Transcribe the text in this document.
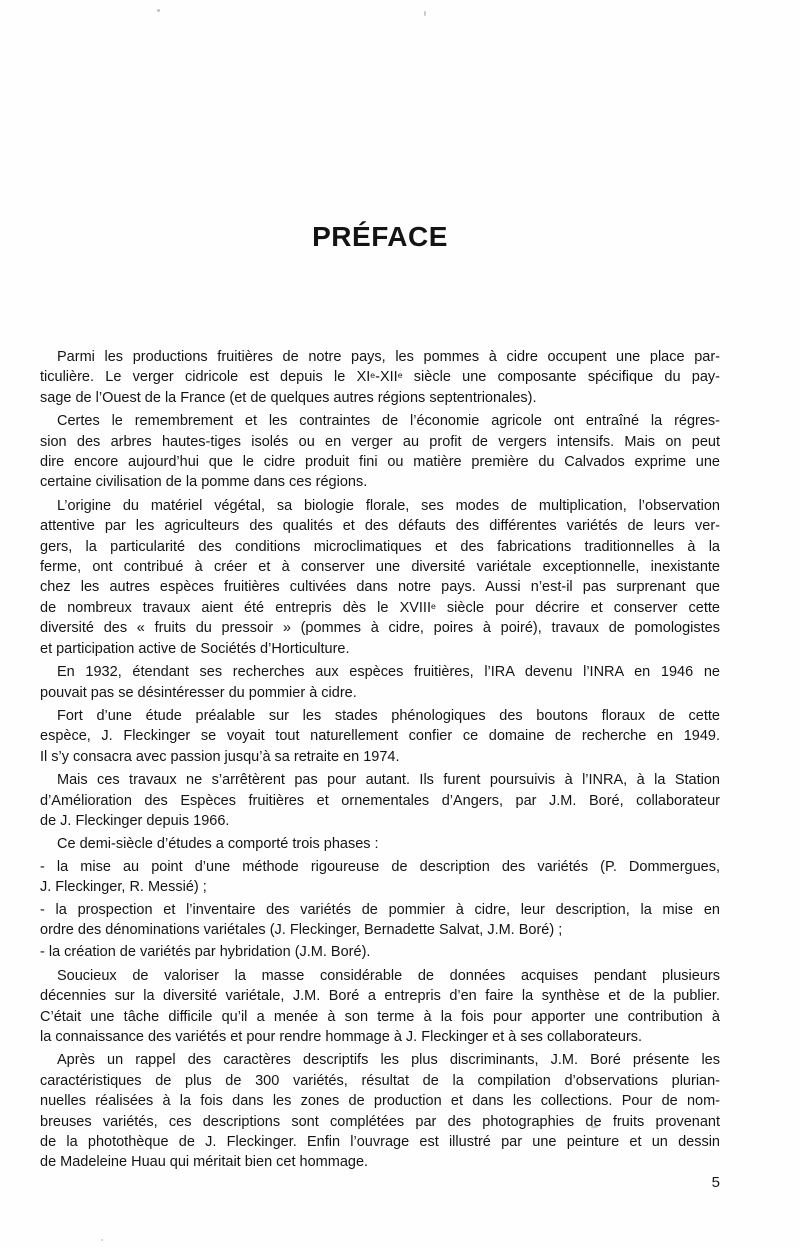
PRÉFACE
Parmi les productions fruitières de notre pays, les pommes à cidre occupent une place par-
ticulière. Le verger cidricole est depuis le XIe-XIIe siècle une composante spécifique du pay-
sage de l’Ouest de la France (et de quelques autres régions septentrionales).
Certes le remembrement et les contraintes de l’économie agricole ont entraîné la régres-
sion des arbres hautes-tiges isolés ou en verger au profit de vergers intensifs. Mais on peut
dire encore aujourd’hui que le cidre produit fini ou matière première du Calvados exprime une
certaine civilisation de la pomme dans ces régions.
L’origine du matériel végétal, sa biologie florale, ses modes de multiplication, l’observation
attentive par les agriculteurs des qualités et des défauts des différentes variétés de leurs ver-
gers, la particularité des conditions microclimatiques et des fabrications traditionnelles à la
ferme, ont contribué à créer et à conserver une diversité variétale exceptionnelle, inexistante
chez les autres espèces fruitières cultivées dans notre pays. Aussi n’est-il pas surprenant que
de nombreux travaux aient été entrepris dès le XVIIIe siècle pour décrire et conserver cette
diversité des « fruits du pressoir » (pommes à cidre, poires à poiré), travaux de pomologistes
et participation active de Sociétés d’Horticulture.
En 1932, étendant ses recherches aux espèces fruitières, l’IRA devenu l’INRA en 1946 ne
pouvait pas se désintéresser du pommier à cidre.
Fort d’une étude préalable sur les stades phénologiques des boutons floraux de cette
espèce, J. Fleckinger se voyait tout naturellement confier ce domaine de recherche en 1949.
Il s’y consacra avec passion jusqu’à sa retraite en 1974.
Mais ces travaux ne s’arrêtèrent pas pour autant. Ils furent poursuivis à l’INRA, à la Station
d’Amélioration des Espèces fruitières et ornementales d’Angers, par J.M. Boré, collaborateur
de J. Fleckinger depuis 1966.
Ce demi-siècle d’études a comporté trois phases :
- la mise au point d’une méthode rigoureuse de description des variétés (P. Dommergues,
J. Fleckinger, R. Messié) ;
- la prospection et l’inventaire des variétés de pommier à cidre, leur description, la mise en
ordre des dénominations variétales (J. Fleckinger, Bernadette Salvat, J.M. Boré) ;
- la création de variétés par hybridation (J.M. Boré).
Soucieux de valoriser la masse considérable de données acquises pendant plusieurs
décennies sur la diversité variétale, J.M. Boré a entrepris d’en faire la synthèse et de la publier.
C’était une tâche difficile qu’il a menée à son terme à la fois pour apporter une contribution à
la connaissance des variétés et pour rendre hommage à J. Fleckinger et à ses collaborateurs.
Après un rappel des caractères descriptifs les plus discriminants, J.M. Boré présente les
caractéristiques de plus de 300 variétés, résultat de la compilation d’observations plurian-
nuelles réalisées à la fois dans les zones de production et dans les collections. Pour de nom-
breuses variétés, ces descriptions sont complétées par des photographies de fruits provenant
de la photothèque de J. Fleckinger. Enfin l’ouvrage est illustré par une peinture et un dessin
de Madeleine Huau qui méritait bien cet hommage.
5
